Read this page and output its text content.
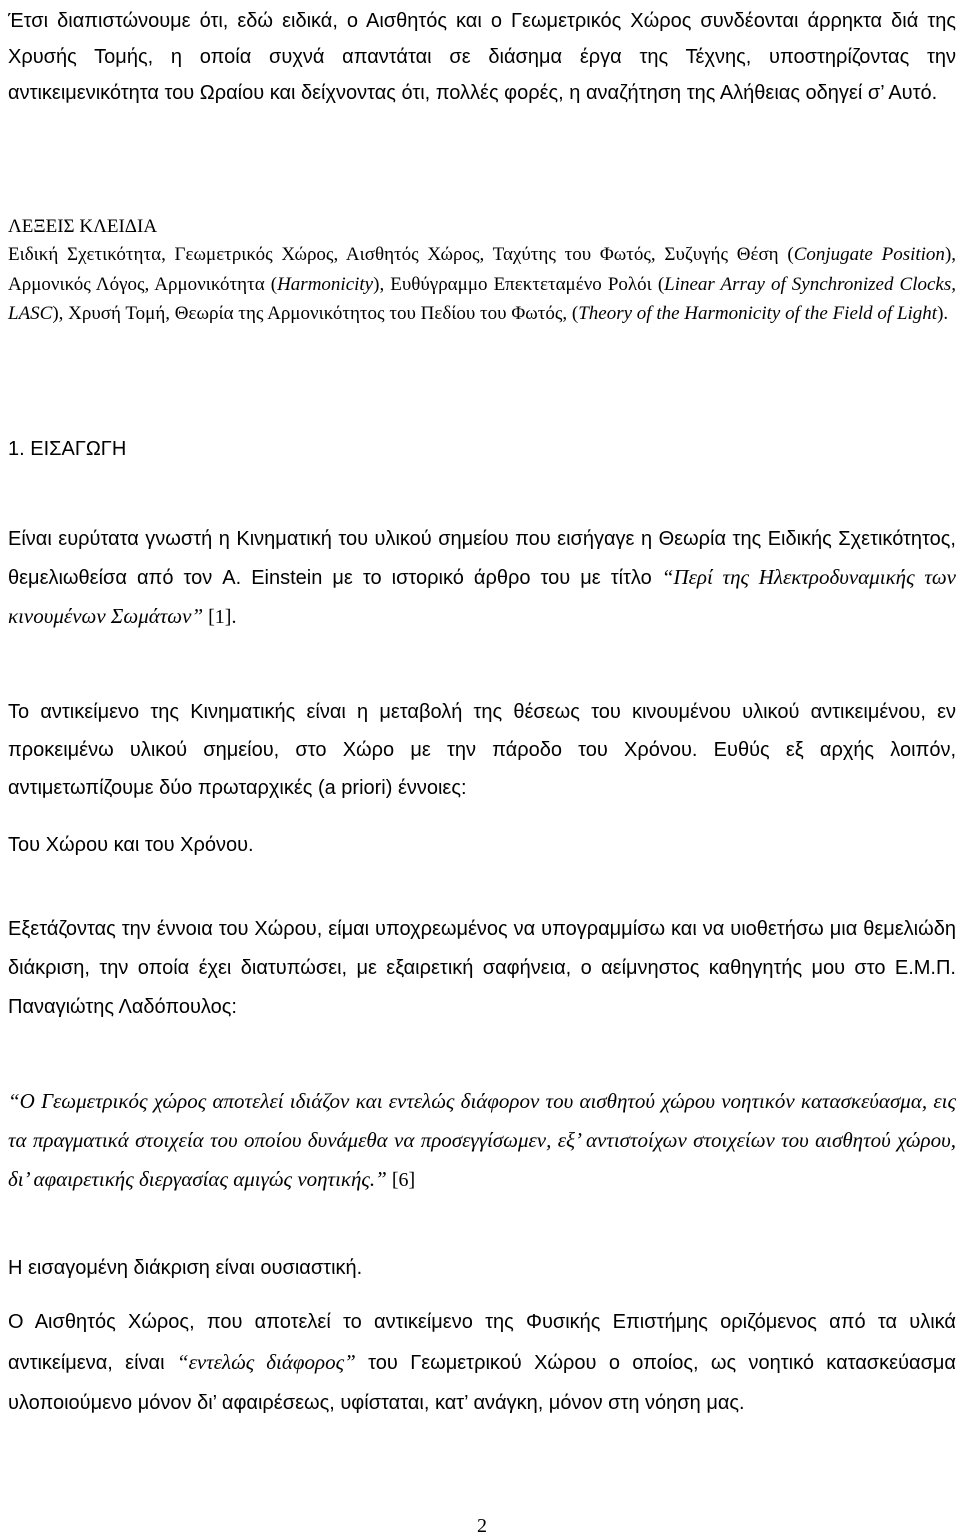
Έτσι διαπιστώνουμε ότι, εδώ ειδικά, ο Αισθητός και ο Γεωμετρικός Χώρος συνδέονται άρρηκτα διά της Χρυσής Τομής, η οποία συχνά απαντάται σε διάσημα έργα της Τέχνης, υποστηρίζοντας την αντικειμενικότητα του Ωραίου και δείχνοντας ότι, πολλές φορές, η αναζήτηση της Αλήθειας οδηγεί σ’ Αυτό.

ΛΕΞΕΙΣ ΚΛΕΙΔΙΑ

Ειδική Σχετικότητα, Γεωμετρικός Χώρος, Αισθητός Χώρος, Ταχύτης του Φωτός, Συζυγής Θέση (Conjugate Position), Αρμονικός Λόγος, Αρμονικότητα (Harmonicity), Ευθύγραμμο Επεκτεταμένο Ρολόι (Linear Array of Synchronized Clocks, LASC), Χρυσή Τομή, Θεωρία της Αρμονικότητος του Πεδίου του Φωτός, (Theory of the Harmonicity of the Field of Light).

1. ΕΙΣΑΓΩΓΗ

Είναι ευρύτατα γνωστή η Κινηματική του υλικού σημείου που εισήγαγε η Θεωρία της Ειδικής Σχετικότητος, θεμελιωθείσα από τον A. Einstein με το ιστορικό άρθρο του με τίτλο “Περί της Ηλεκτροδυναμικής των κινουμένων Σωμάτων” [1].

Το αντικείμενο της Κινηματικής είναι η μεταβολή της θέσεως του κινουμένου υλικού αντικειμένου, εν προκειμένω υλικού σημείου, στο Χώρο με την πάροδο του Χρόνου. Ευθύς εξ αρχής λοιπόν, αντιμετωπίζουμε δύο πρωταρχικές (a priori) έννοιες:

Του Χώρου και του Χρόνου.

Εξετάζοντας την έννοια του Χώρου, είμαι υποχρεωμένος να υπογραμμίσω και να υιοθετήσω μια θεμελιώδη διάκριση, την οποία έχει διατυπώσει, με εξαιρετική σαφήνεια, ο αείμνηστος καθηγητής μου στο Ε.Μ.Π. Παναγιώτης Λαδόπουλος:

“Ο Γεωμετρικός χώρος αποτελεί ιδιάζον και εντελώς διάφορον του αισθητού χώρου νοητικόν κατασκεύασμα, εις τα πραγματικά στοιχεία του οποίου δυνάμεθα να προσεγγίσωμεν, εξ’ αντιστοίχων στοιχείων του αισθητού χώρου, δι’ αφαιρετικής διεργασίας αμιγώς νοητικής.” [6]

Η εισαγομένη διάκριση είναι ουσιαστική.

Ο Αισθητός Χώρος, που αποτελεί το αντικείμενο της Φυσικής Επιστήμης οριζόμενος από τα υλικά αντικείμενα, είναι “εντελώς διάφορος” του Γεωμετρικού Χώρου ο οποίος, ως νοητικό κατασκεύασμα υλοποιούμενο μόνον δι’ αφαιρέσεως, υφίσταται, κατ’ ανάγκη, μόνον στη νόηση μας.

2
